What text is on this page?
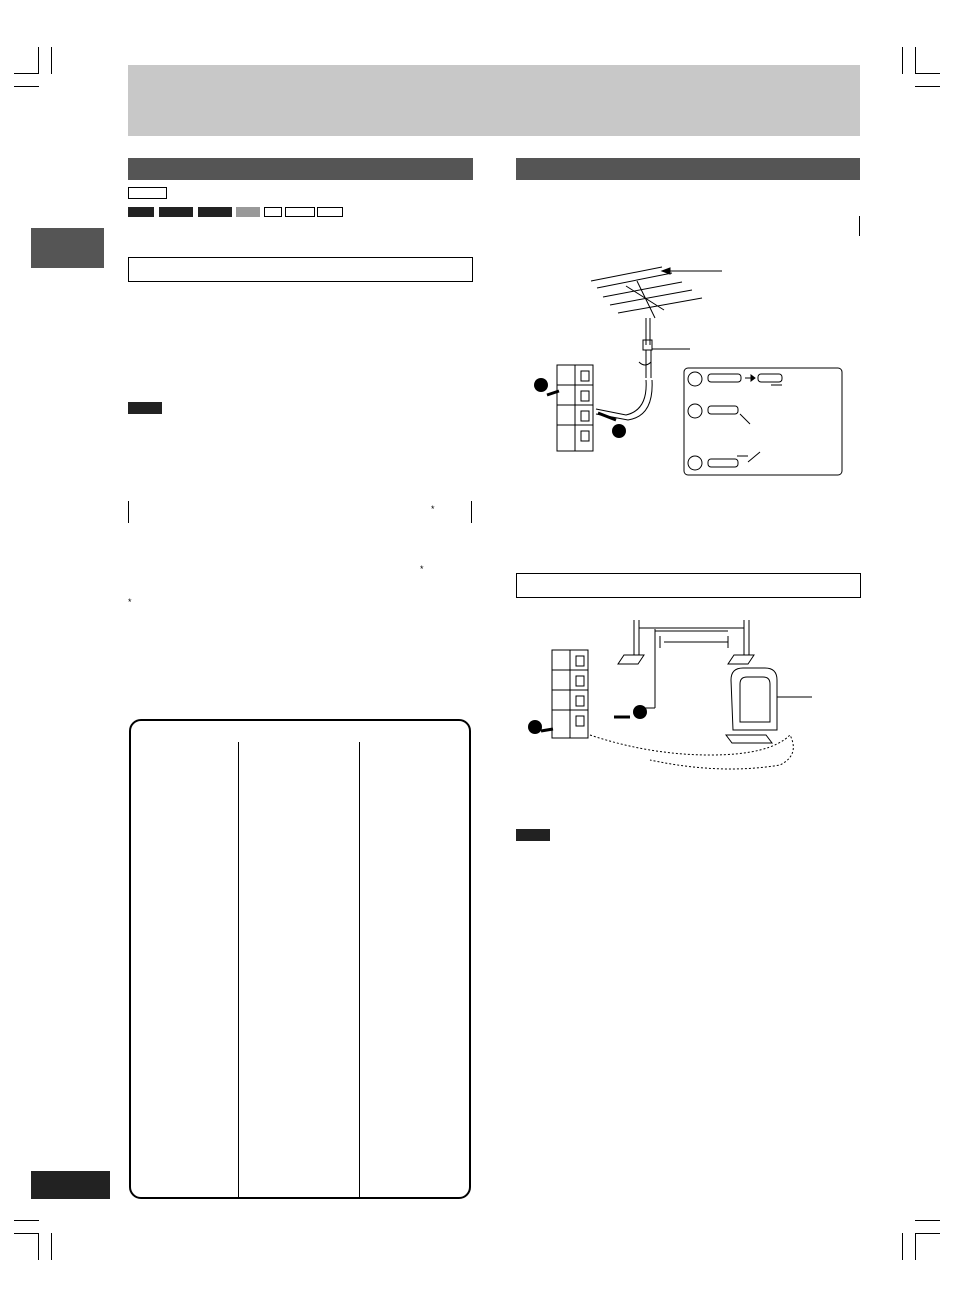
*
*
*
